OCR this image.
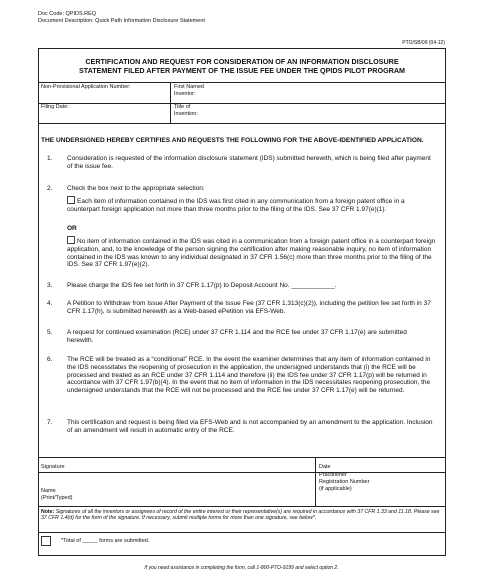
Doc Code: QPIDS.REQ
Document Description: Quick Path Information Disclosure Statement
PTO/SB/09 (04-12)
CERTIFICATION AND REQUEST FOR CONSIDERATION OF AN INFORMATION DISCLOSURE
STATEMENT FILED AFTER PAYMENT OF THE ISSUE FEE UNDER THE QPIDS PILOT PROGRAM
Non-Provisional Application Number:	First Named Inventor:
Filing Date:	Title of Invention:
THE UNDERSIGNED HEREBY CERTIFIES AND REQUESTS THE FOLLOWING FOR THE ABOVE-IDENTIFIED APPLICATION.
1. Consideration is requested of the information disclosure statement (IDS) submitted herewith, which is being filed after payment of the issue fee.
2. Check the box next to the appropriate selection:
Each item of information contained in the IDS was first cited in any communication from a foreign patent office in a counterpart foreign application not more than three months prior to the filing of the IDS. See 37 CFR 1.97(e)(1).
OR
No item of information contained in the IDS was cited in a communication from a foreign patent office in a counterpart foreign application, and, to the knowledge of the person signing the certification after making reasonable inquiry, no item of information contained in the IDS was known to any individual designated in 37 CFR 1.56(c) more than three months prior to the filing of the IDS. See 37 CFR 1.97(e)(2).
3. Please charge the IDS fee set forth in 37 CFR 1.17(p) to Deposit Account No. ____________.
4. A Petition to Withdraw from Issue After Payment of the Issue Fee (37 CFR 1.313(c)(2)), including the petition fee set forth in 37 CFR 1.17(h), is submitted herewith as a Web-based ePetition via EFS-Web.
5. A request for continued examination (RCE) under 37 CFR 1.114 and the RCE fee under 37 CFR 1.17(e) are submitted herewith.
6. The RCE will be treated as a “conditional” RCE. In the event the examiner determines that any item of information contained in the IDS necessitates the reopening of prosecution in the application, the undersigned understands that (i) the RCE will be processed and treated as an RCE under 37 CFR 1.114 and therefore (ii) the IDS fee under 37 CFR 1.17(p) will be returned in accordance with 37 CFR 1.97(b)(4). In the event that no item of information in the IDS necessitates reopening prosecution, the undersigned understands that the RCE will not be processed and the RCE fee under 37 CFR 1.17(e) will be returned.
7. This certification and request is being filed via EFS-Web and is not accompanied by an amendment to the application. Inclusion of an amendment will result in automatic entry of the RCE.
Signature	Date
Practitioner
Registration Number
(if applicable)
Name
(Print/Typed)
Note: Signatures of all the inventors or assignees of record of the entire interest or their representative(s) are required in accordance with 37 CFR 1.33 and 11.18. Please see 37 CFR 1.4(d) for the form of the signature. If necessary, submit multiple forms for more than one signature, see below*.
*Total of _____ forms are submitted.
If you need assistance in completing the form, call 1-800-PTO-9199 and select option 2.
